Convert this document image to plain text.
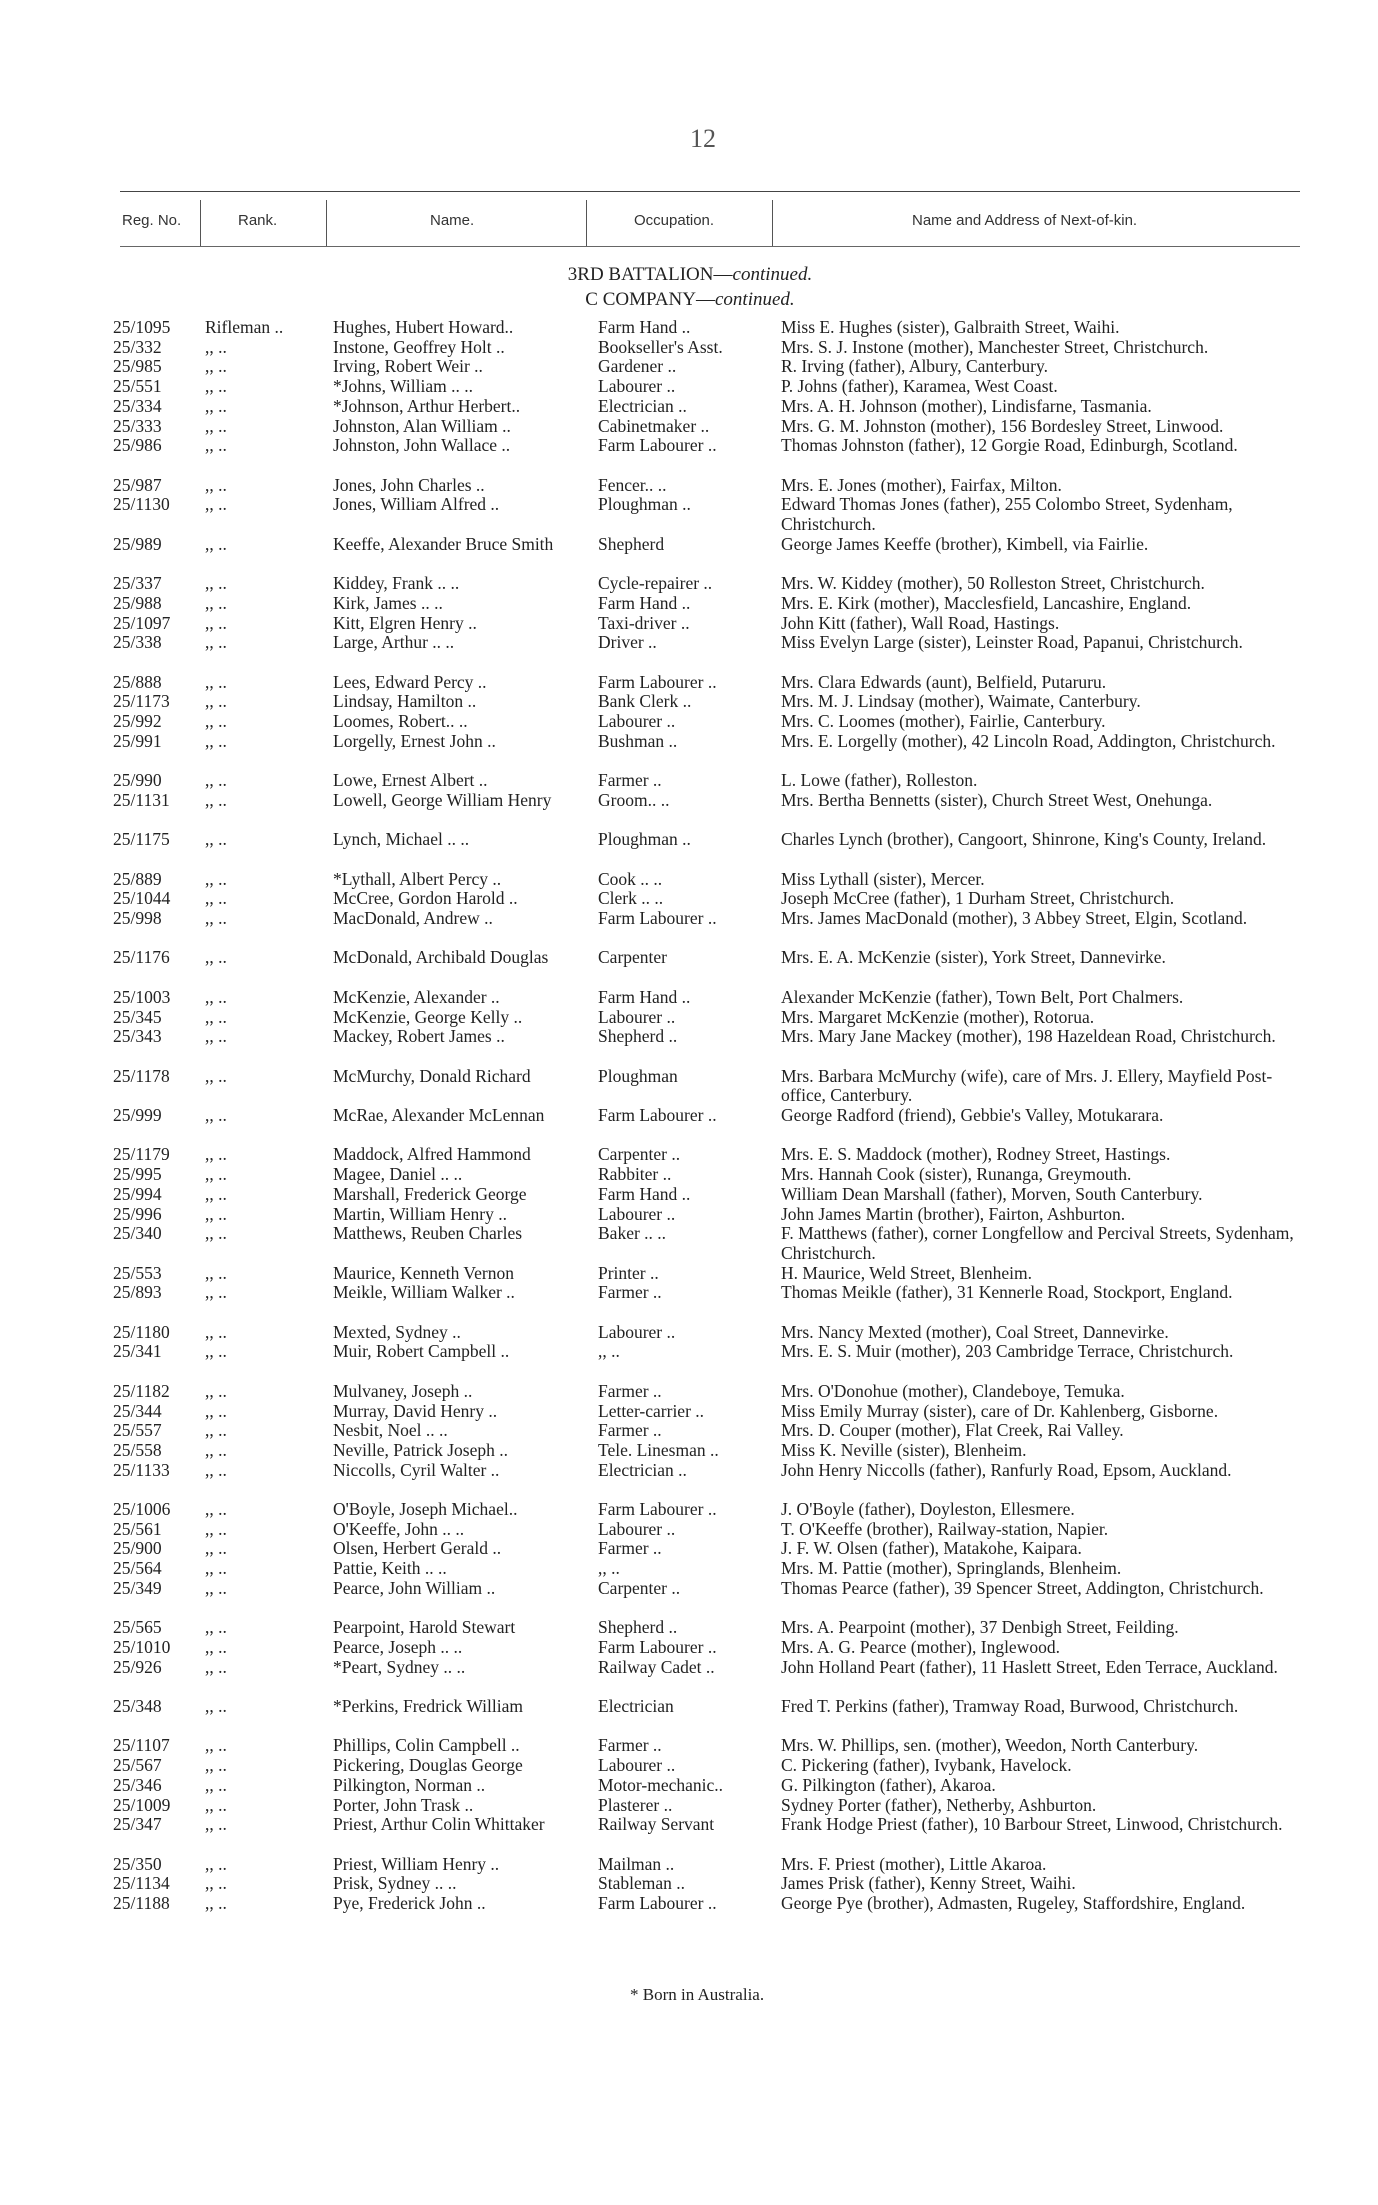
12
Reg. No.	Rank.	Name.	Occupation.	Name and Address of Next-of-kin.
3RD BATTALION—continued.
C COMPANY—continued.
25/1095	Rifleman ..	Hughes, Hubert Howard..	Farm Hand ..	Miss E. Hughes (sister), Galbraith Street, Waihi.
25/332	,, ..	Instone, Geoffrey Holt ..	Bookseller's Asst.	Mrs. S. J. Instone (mother), Manchester Street, Christchurch.
25/985	,, ..	Irving, Robert Weir ..	Gardener ..	R. Irving (father), Albury, Canterbury.
25/551	,, ..	*Johns, William .. ..	Labourer ..	P. Johns (father), Karamea, West Coast.
25/334	,, ..	*Johnson, Arthur Herbert..	Electrician ..	Mrs. A. H. Johnson (mother), Lindisfarne, Tasmania.
25/333	,, ..	Johnston, Alan William ..	Cabinetmaker ..	Mrs. G. M. Johnston (mother), 156 Bordesley Street, Linwood.
25/986	,, ..	Johnston, John Wallace ..	Farm Labourer ..	Thomas Johnston (father), 12 Gorgie Road, Edinburgh, Scotland.
25/987	,, ..	Jones, John Charles ..	Fencer.. ..	Mrs. E. Jones (mother), Fairfax, Milton.
25/1130	,, ..	Jones, William Alfred ..	Ploughman ..	Edward Thomas Jones (father), 255 Colombo Street, Sydenham, Christchurch.
25/989	,, ..	Keeffe, Alexander Bruce Smith	Shepherd	George James Keeffe (brother), Kimbell, via Fairlie.
25/337	,, ..	Kiddey, Frank .. ..	Cycle-repairer ..	Mrs. W. Kiddey (mother), 50 Rolleston Street, Christchurch.
25/988	,, ..	Kirk, James .. ..	Farm Hand ..	Mrs. E. Kirk (mother), Macclesfield, Lancashire, England.
25/1097	,, ..	Kitt, Elgren Henry ..	Taxi-driver ..	John Kitt (father), Wall Road, Hastings.
25/338	,, ..	Large, Arthur .. ..	Driver ..	Miss Evelyn Large (sister), Leinster Road, Papanui, Christchurch.
25/888	,, ..	Lees, Edward Percy ..	Farm Labourer ..	Mrs. Clara Edwards (aunt), Belfield, Putaruru.
25/1173	,, ..	Lindsay, Hamilton ..	Bank Clerk ..	Mrs. M. J. Lindsay (mother), Waimate, Canterbury.
25/992	,, ..	Loomes, Robert.. ..	Labourer ..	Mrs. C. Loomes (mother), Fairlie, Canterbury.
25/991	,, ..	Lorgelly, Ernest John ..	Bushman ..	Mrs. E. Lorgelly (mother), 42 Lincoln Road, Addington, Christchurch.
25/990	,, ..	Lowe, Ernest Albert ..	Farmer ..	L. Lowe (father), Rolleston.
25/1131	,, ..	Lowell, George William Henry	Groom.. ..	Mrs. Bertha Bennetts (sister), Church Street West, Onehunga.
25/1175	,, ..	Lynch, Michael .. ..	Ploughman ..	Charles Lynch (brother), Cangoort, Shinrone, King's County, Ireland.
25/889	,, ..	*Lythall, Albert Percy ..	Cook .. ..	Miss Lythall (sister), Mercer.
25/1044	,, ..	McCree, Gordon Harold ..	Clerk .. ..	Joseph McCree (father), 1 Durham Street, Christchurch.
25/998	,, ..	MacDonald, Andrew ..	Farm Labourer ..	Mrs. James MacDonald (mother), 3 Abbey Street, Elgin, Scotland.
25/1176	,, ..	McDonald, Archibald Douglas	Carpenter	Mrs. E. A. McKenzie (sister), York Street, Dannevirke.
25/1003	,, ..	McKenzie, Alexander ..	Farm Hand ..	Alexander McKenzie (father), Town Belt, Port Chalmers.
25/345	,, ..	McKenzie, George Kelly ..	Labourer ..	Mrs. Margaret McKenzie (mother), Rotorua.
25/343	,, ..	Mackey, Robert James ..	Shepherd ..	Mrs. Mary Jane Mackey (mother), 198 Hazeldean Road, Christchurch.
25/1178	,, ..	McMurchy, Donald Richard	Ploughman	Mrs. Barbara McMurchy (wife), care of Mrs. J. Ellery, Mayfield Post-office, Canterbury.
25/999	,, ..	McRae, Alexander McLennan	Farm Labourer ..	George Radford (friend), Gebbie's Valley, Motukarara.
25/1179	,, ..	Maddock, Alfred Hammond	Carpenter ..	Mrs. E. S. Maddock (mother), Rodney Street, Hastings.
25/995	,, ..	Magee, Daniel .. ..	Rabbiter ..	Mrs. Hannah Cook (sister), Runanga, Greymouth.
25/994	,, ..	Marshall, Frederick George	Farm Hand ..	William Dean Marshall (father), Morven, South Canterbury.
25/996	,, ..	Martin, William Henry ..	Labourer ..	John James Martin (brother), Fairton, Ashburton.
25/340	,, ..	Matthews, Reuben Charles	Baker .. ..	F. Matthews (father), corner Longfellow and Percival Streets, Sydenham, Christchurch.
25/553	,, ..	Maurice, Kenneth Vernon	Printer ..	H. Maurice, Weld Street, Blenheim.
25/893	,, ..	Meikle, William Walker ..	Farmer ..	Thomas Meikle (father), 31 Kennerle Road, Stockport, England.
25/1180	,, ..	Mexted, Sydney ..	Labourer ..	Mrs. Nancy Mexted (mother), Coal Street, Dannevirke.
25/341	,, ..	Muir, Robert Campbell ..	,, ..	Mrs. E. S. Muir (mother), 203 Cambridge Terrace, Christchurch.
25/1182	,, ..	Mulvaney, Joseph ..	Farmer ..	Mrs. O'Donohue (mother), Clandeboye, Temuka.
25/344	,, ..	Murray, David Henry ..	Letter-carrier ..	Miss Emily Murray (sister), care of Dr. Kahlenberg, Gisborne.
25/557	,, ..	Nesbit, Noel .. ..	Farmer ..	Mrs. D. Couper (mother), Flat Creek, Rai Valley.
25/558	,, ..	Neville, Patrick Joseph ..	Tele. Linesman ..	Miss K. Neville (sister), Blenheim.
25/1133	,, ..	Niccolls, Cyril Walter ..	Electrician ..	John Henry Niccolls (father), Ranfurly Road, Epsom, Auckland.
25/1006	,, ..	O'Boyle, Joseph Michael..	Farm Labourer ..	J. O'Boyle (father), Doyleston, Ellesmere.
25/561	,, ..	O'Keeffe, John .. ..	Labourer ..	T. O'Keeffe (brother), Railway-station, Napier.
25/900	,, ..	Olsen, Herbert Gerald ..	Farmer ..	J. F. W. Olsen (father), Matakohe, Kaipara.
25/564	,, ..	Pattie, Keith .. ..	,, ..	Mrs. M. Pattie (mother), Springlands, Blenheim.
25/349	,, ..	Pearce, John William ..	Carpenter ..	Thomas Pearce (father), 39 Spencer Street, Addington, Christchurch.
25/565	,, ..	Pearpoint, Harold Stewart	Shepherd ..	Mrs. A. Pearpoint (mother), 37 Denbigh Street, Feilding.
25/1010	,, ..	Pearce, Joseph .. ..	Farm Labourer ..	Mrs. A. G. Pearce (mother), Inglewood.
25/926	,, ..	*Peart, Sydney .. ..	Railway Cadet ..	John Holland Peart (father), 11 Haslett Street, Eden Terrace, Auckland.
25/348	,, ..	*Perkins, Fredrick William	Electrician	Fred T. Perkins (father), Tramway Road, Burwood, Christchurch.
25/1107	,, ..	Phillips, Colin Campbell ..	Farmer ..	Mrs. W. Phillips, sen. (mother), Weedon, North Canterbury.
25/567	,, ..	Pickering, Douglas George	Labourer ..	C. Pickering (father), Ivybank, Havelock.
25/346	,, ..	Pilkington, Norman ..	Motor-mechanic..	G. Pilkington (father), Akaroa.
25/1009	,, ..	Porter, John Trask ..	Plasterer ..	Sydney Porter (father), Netherby, Ashburton.
25/347	,, ..	Priest, Arthur Colin Whittaker	Railway Servant	Frank Hodge Priest (father), 10 Barbour Street, Linwood, Christchurch.
25/350	,, ..	Priest, William Henry ..	Mailman ..	Mrs. F. Priest (mother), Little Akaroa.
25/1134	,, ..	Prisk, Sydney .. ..	Stableman ..	James Prisk (father), Kenny Street, Waihi.
25/1188	,, ..	Pye, Frederick John ..	Farm Labourer ..	George Pye (brother), Admasten, Rugeley, Staffordshire, England.
* Born in Australia.
